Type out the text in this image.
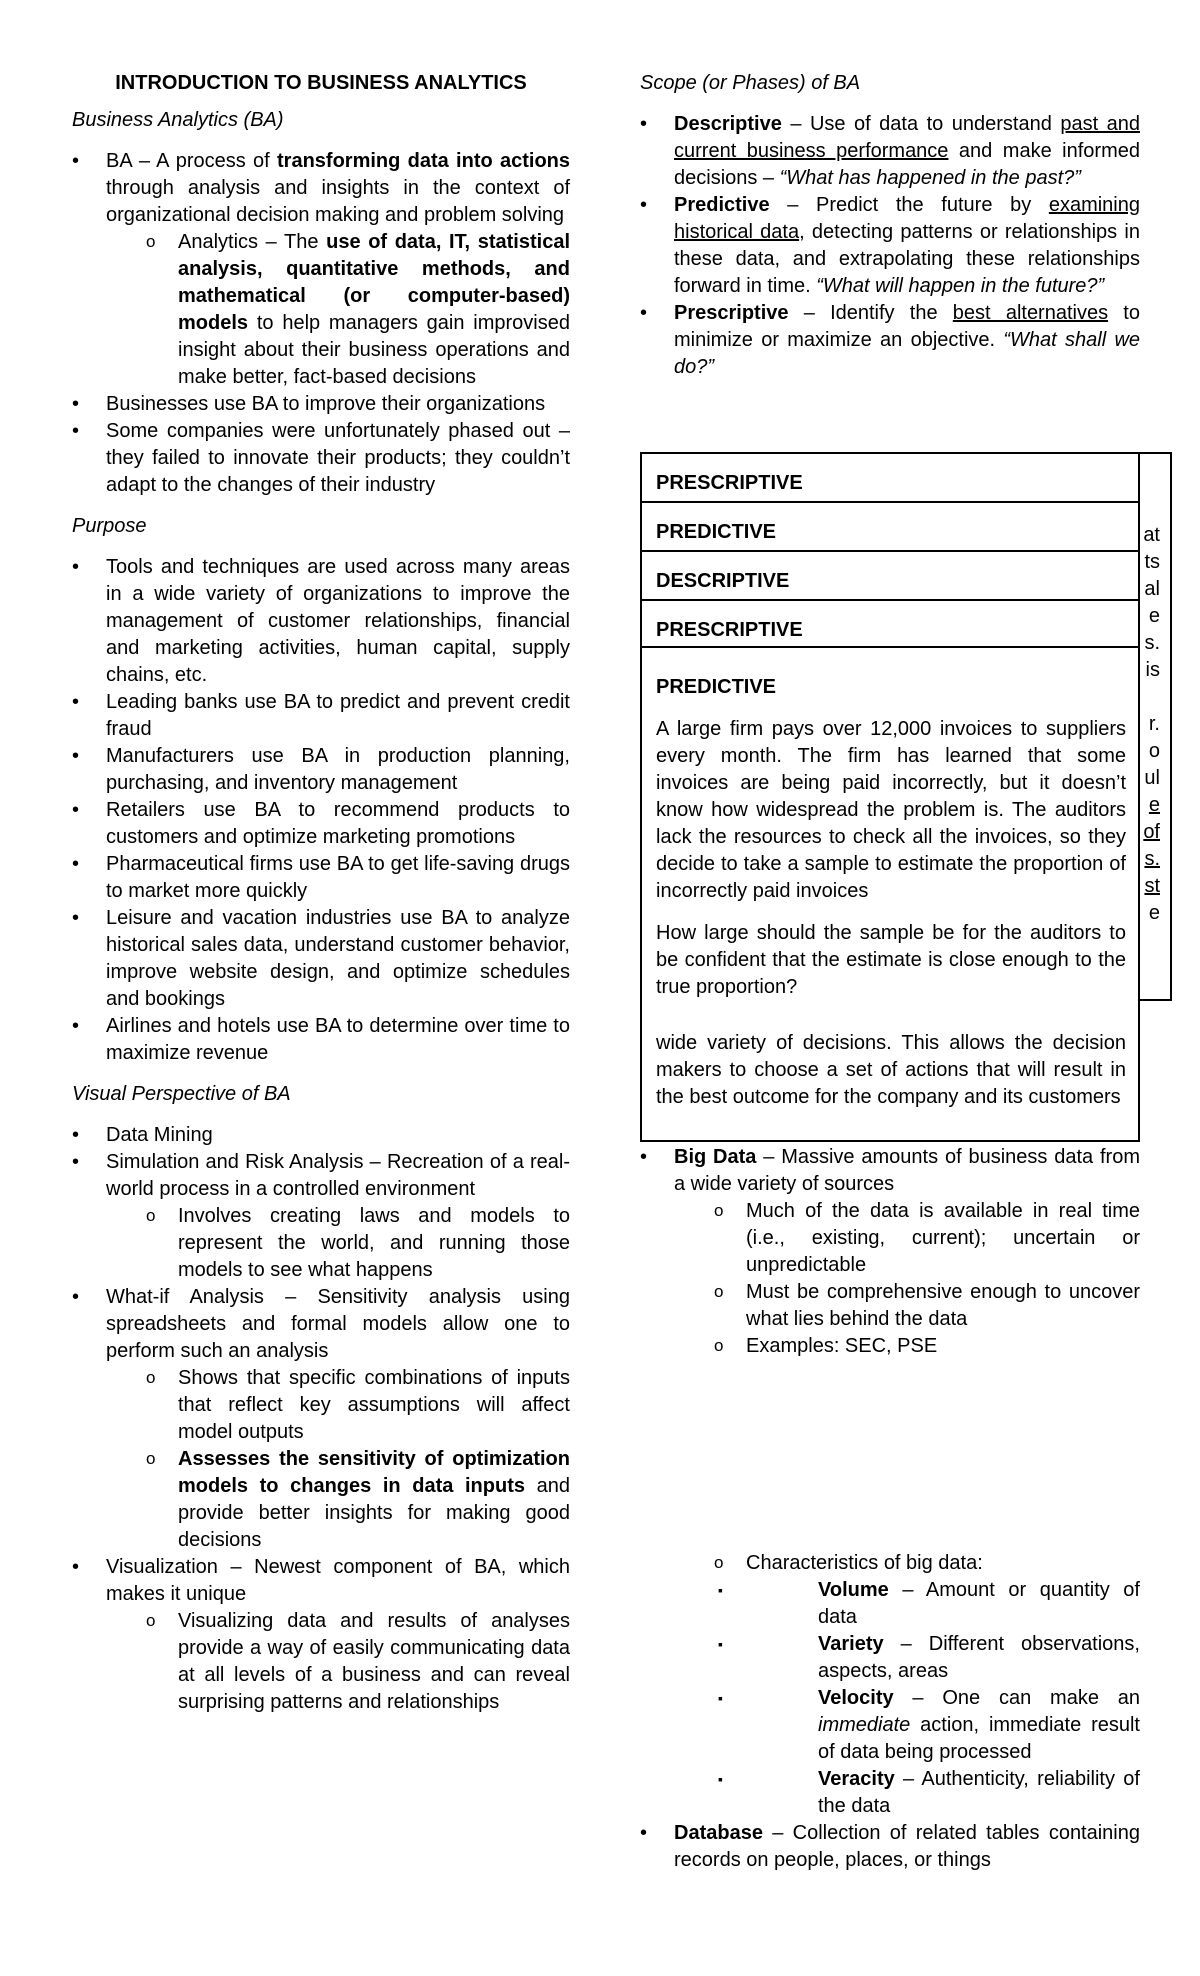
INTRODUCTION TO BUSINESS ANALYTICS
Business Analytics (BA)
• BA – A process of transforming data into actions through analysis and insights in the context of organizational decision making and problem solving
o Analytics – The use of data, IT, statistical analysis, quantitative methods, and mathematical (or computer-based) models to help managers gain improvised insight about their business operations and make better, fact-based decisions
• Businesses use BA to improve their organizations
• Some companies were unfortunately phased out – they failed to innovate their products; they couldn’t adapt to the changes of their industry
Purpose
• Tools and techniques are used across many areas in a wide variety of organizations to improve the management of customer relationships, financial and marketing activities, human capital, supply chains, etc.
• Leading banks use BA to predict and prevent credit fraud
• Manufacturers use BA in production planning, purchasing, and inventory management
• Retailers use BA to recommend products to customers and optimize marketing promotions
• Pharmaceutical firms use BA to get life-saving drugs to market more quickly
• Leisure and vacation industries use BA to analyze historical sales data, understand customer behavior, improve website design, and optimize schedules and bookings
• Airlines and hotels use BA to determine over time to maximize revenue
Visual Perspective of BA
• Data Mining
• Simulation and Risk Analysis – Recreation of a real-world process in a controlled environment
o Involves creating laws and models to represent the world, and running those models to see what happens
• What-if Analysis – Sensitivity analysis using spreadsheets and formal models allow one to perform such an analysis
o Shows that specific combinations of inputs that reflect key assumptions will affect model outputs
o Assesses the sensitivity of optimization models to changes in data inputs and provide better insights for making good decisions
• Visualization – Newest component of BA, which makes it unique
o Visualizing data and results of analyses provide a way of easily communicating data at all levels of a business and can reveal surprising patterns and relationships
Scope (or Phases) of BA
• Descriptive – Use of data to understand past and current business performance and make informed decisions – “What has happened in the past?”
• Predictive – Predict the future by examining historical data, detecting patterns or relationships in these data, and extrapolating these relationships forward in time. “What will happen in the future?”
• Prescriptive – Identify the best alternatives to minimize or maximize an objective. “What shall we do?”
• Big Data – Massive amounts of business data from a wide variety of sources
o Much of the data is available in real time (i.e., existing, current); uncertain or unpredictable
o Must be comprehensive enough to uncover what lies behind the data
o Examples: SEC, PSE
o Characteristics of big data:
▪ Volume – Amount or quantity of data
▪ Variety – Different observations, aspects, areas
▪ Velocity – One can make an immediate action, immediate result of data being processed
▪ Veracity – Authenticity, reliability of the data
• Database – Collection of related tables containing records on people, places, or things
at
ts
al
e
s.
is
r.
o
ul
e
of
s.
st
e
PRESCRIPTIVE
PREDICTIVE
DESCRIPTIVE
PRESCRIPTIVE
PREDICTIVE
A large firm pays over 12,000 invoices to suppliers every month. The firm has learned that some invoices are being paid incorrectly, but it doesn’t know how widespread the problem is. The auditors lack the resources to check all the invoices, so they decide to take a sample to estimate the proportion of incorrectly paid invoices
How large should the sample be for the auditors to be confident that the estimate is close enough to the true proportion?
wide variety of decisions. This allows the decision makers to choose a set of actions that will result in the best outcome for the company and its customers
